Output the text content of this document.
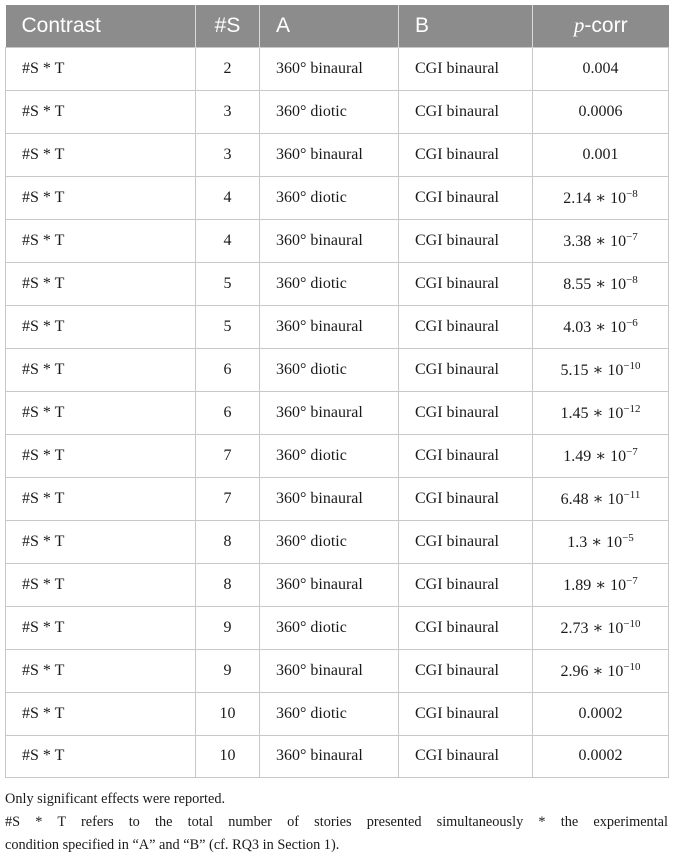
Contrast	#S	A	B	p-corr
#S * T	2	360° binaural	CGI binaural	0.004
#S * T	3	360° diotic	CGI binaural	0.0006
#S * T	3	360° binaural	CGI binaural	0.001
#S * T	4	360° diotic	CGI binaural	2.14 ∗ $10^{-8}$
#S * T	4	360° binaural	CGI binaural	3.38 ∗ $10^{-7}$
#S * T	5	360° diotic	CGI binaural	8.55 ∗ $10^{-8}$
#S * T	5	360° binaural	CGI binaural	4.03 ∗ $10^{-6}$
#S * T	6	360° diotic	CGI binaural	5.15 ∗ $10^{-10}$
#S * T	6	360° binaural	CGI binaural	1.45 ∗ $10^{-12}$
#S * T	7	360° diotic	CGI binaural	1.49 ∗ $10^{-7}$
#S * T	7	360° binaural	CGI binaural	6.48 ∗ $10^{-11}$
#S * T	8	360° diotic	CGI binaural	1.3 ∗ $10^{-5}$
#S * T	8	360° binaural	CGI binaural	1.89 ∗ $10^{-7}$
#S * T	9	360° diotic	CGI binaural	2.73 ∗ $10^{-10}$
#S * T	9	360° binaural	CGI binaural	2.96 ∗ $10^{-10}$
#S * T	10	360° diotic	CGI binaural	0.0002
#S * T	10	360° binaural	CGI binaural	0.0002

Only significant effects were reported.

#S * T refers to the total number of stories presented simultaneously * the experimental

condition specified in “A” and “B” (cf. RQ3 in Section 1).
